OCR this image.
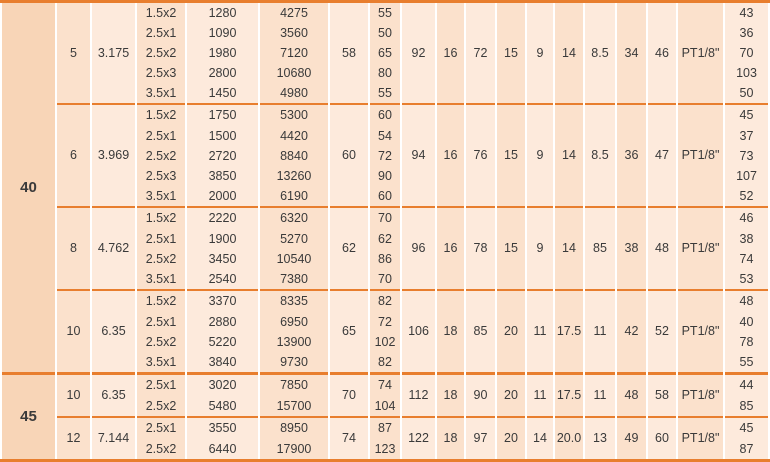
40	5	3.175	1.5x2	1280	4275	58	55	92	16	72	15	9	14	8.5	34	46	PT1/8"	43
			2.5x1	1090	3560		50											36
			2.5x2	1980	7120		65											70
			2.5x3	2800	10680		80											103
			3.5x1	1450	4980		55											50
	6	3.969	1.5x2	1750	5300	60	60	94	16	76	15	9	14	8.5	36	47	PT1/8"	45
			2.5x1	1500	4420		54											37
			2.5x2	2720	8840		72											73
			2.5x3	3850	13260		90											107
			3.5x1	2000	6190		60											52
	8	4.762	1.5x2	2220	6320	62	70	96	16	78	15	9	14	85	38	48	PT1/8"	46
			2.5x1	1900	5270		62											38
			2.5x2	3450	10540		86											74
			3.5x1	2540	7380		70											53
	10	6.35	1.5x2	3370	8335	65	82	106	18	85	20	11	17.5	11	42	52	PT1/8"	48
			2.5x1	2880	6950		72											40
			2.5x2	5220	13900		102											78
			3.5x1	3840	9730		82											55
45	10	6.35	2.5x1	3020	7850	70	74	112	18	90	20	11	17.5	11	48	58	PT1/8"	44
			2.5x2	5480	15700		104											85
	12	7.144	2.5x1	3550	8950	74	87	122	18	97	20	14	20.0	13	49	60	PT1/8"	45
			2.5x2	6440	17900		123											87
